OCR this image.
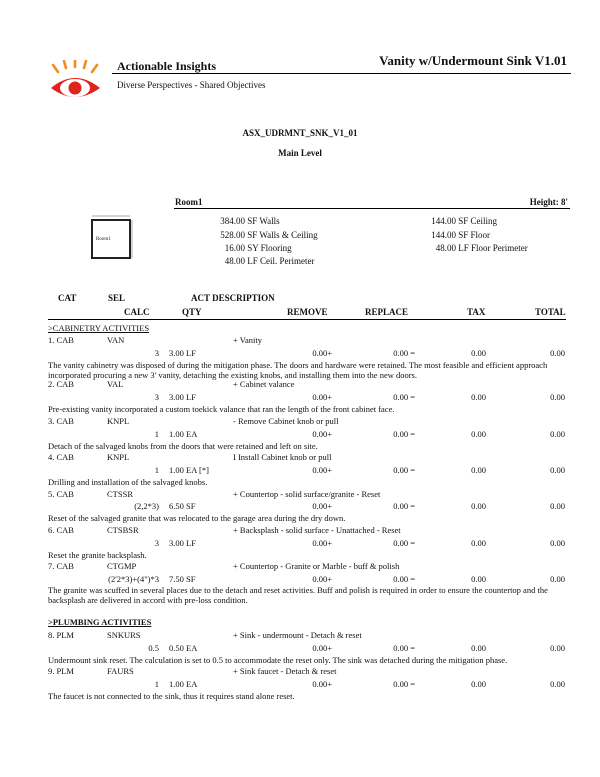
Actionable Insights
Diverse Perspectives - Shared Objectives
Vanity w/Undermount Sink V1.01
ASX_UDRMNT_SNK_V1_01
Main Level
Room1	Height: 8'
Room1
384.00 SF Walls
528.00 SF Walls & Ceiling
16.00 SY Flooring
48.00 LF Ceil. Perimeter
144.00 SF Ceiling
144.00 SF Floor
48.00 LF Floor Perimeter
CAT	SEL	ACT DESCRIPTION
CALC	QTY	REMOVE	REPLACE	TAX	TOTAL
>CABINETRY ACTIVITIES
1. CAB	VAN	+ Vanity
3 3.00 LF	0.00+	0.00 =	0.00	0.00
The vanity cabinetry was disposed of during the mitigation phase. The doors and hardware were retained. The most feasible and efficient approach incorporated procuring a new 3' vanity, detaching the existing knobs, and installing them into the new doors.
2. CAB	VAL	+ Cabinet valance
3 3.00 LF	0.00+	0.00 =	0.00	0.00
Pre-existing vanity incorporated a custom toekick valance that ran the length of the front cabinet face.
3. CAB	KNPL	- Remove Cabinet knob or pull
1 1.00 EA	0.00+	0.00 =	0.00	0.00
Detach of the salvaged knobs from the doors that were retained and left on site.
4. CAB	KNPL	I Install Cabinet knob or pull
1 1.00 EA [*]	0.00+	0.00 =	0.00	0.00
Drilling and installation of the salvaged knobs.
5. CAB	CTSSR	+ Countertop - solid surface/granite - Reset
(2,2*3) 6.50 SF	0.00+	0.00 =	0.00	0.00
Reset of the salvaged granite that was relocated to the garage area during the dry down.
6. CAB	CTSBSR	+ Backsplash - solid surface - Unattached - Reset
3 3.00 LF	0.00+	0.00 =	0.00	0.00
Reset the granite backsplash.
7. CAB	CTGMP	+ Countertop - Granite or Marble - buff & polish
(2'2*3)+(4")*3 7.50 SF	0.00+	0.00 =	0.00	0.00
The granite was scuffed in several places due to the detach and reset activities. Buff and polish is required in order to ensure the countertop and the backsplash are delivered in accord with pre-loss condition.
>PLUMBING ACTIVITIES
8. PLM	SNKURS	+ Sink - undermount - Detach & reset
0.5 0.50 EA	0.00+	0.00 =	0.00	0.00
Undermount sink reset. The calculation is set to 0.5 to accommodate the reset only. The sink was detached during the mitigation phase.
9. PLM	FAURS	+ Sink faucet - Detach & reset
1 1.00 EA	0.00+	0.00 =	0.00	0.00
The faucet is not connected to the sink, thus it requires stand alone reset.
